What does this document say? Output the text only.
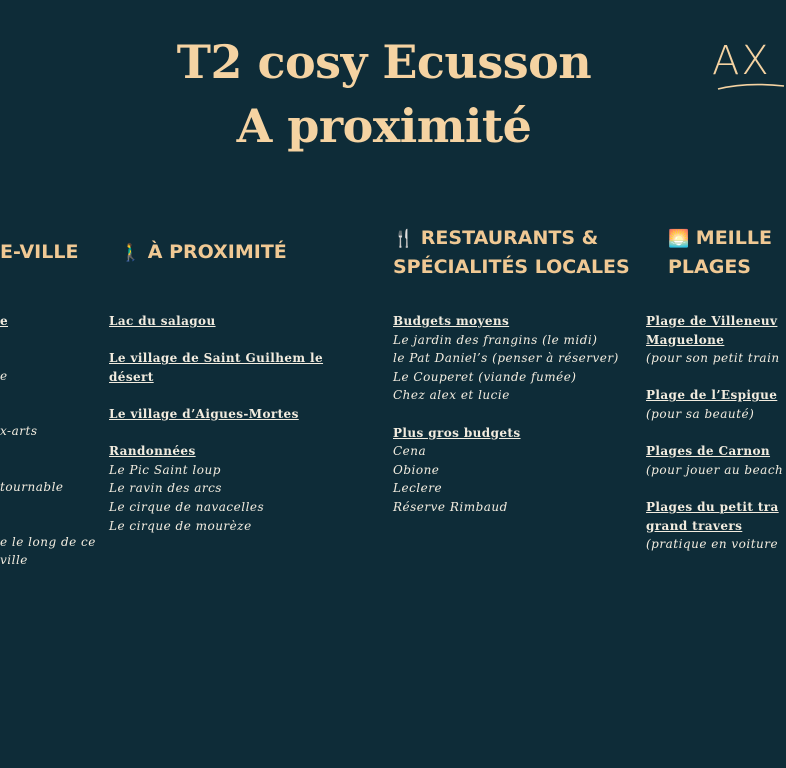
T2 cosy Ecusson
A proximité
AX
E-VILLE
e
e
x-arts
tournable
e le long de ce
ville
🚶‍♂️ À PROXIMITÉ
Lac du salagou
Le village de Saint Guilhem le
désert
Le village d’Aigues-Mortes
Randonnées
Le Pic Saint loup
Le ravin des arcs
Le cirque de navacelles
Le cirque de mourèze
🍴 RESTAURANTS &
SPÉCIALITÉS LOCALES
Budgets moyens
Le jardin des frangins (le midi)
le Pat Daniel’s (penser à réserver)
Le Couperet (viande fumée)
Chez alex et lucie
Plus gros budgets
Cena
Obione
Leclere
Réserve Rimbaud
🌅 MEILLE
PLAGES
Plage de Villeneuv
Maguelone
(pour son petit train
Plage de l’Espigue
(pour sa beauté)
Plages de Carnon
(pour jouer au beach
Plages du petit tra
grand travers
(pratique en voiture
